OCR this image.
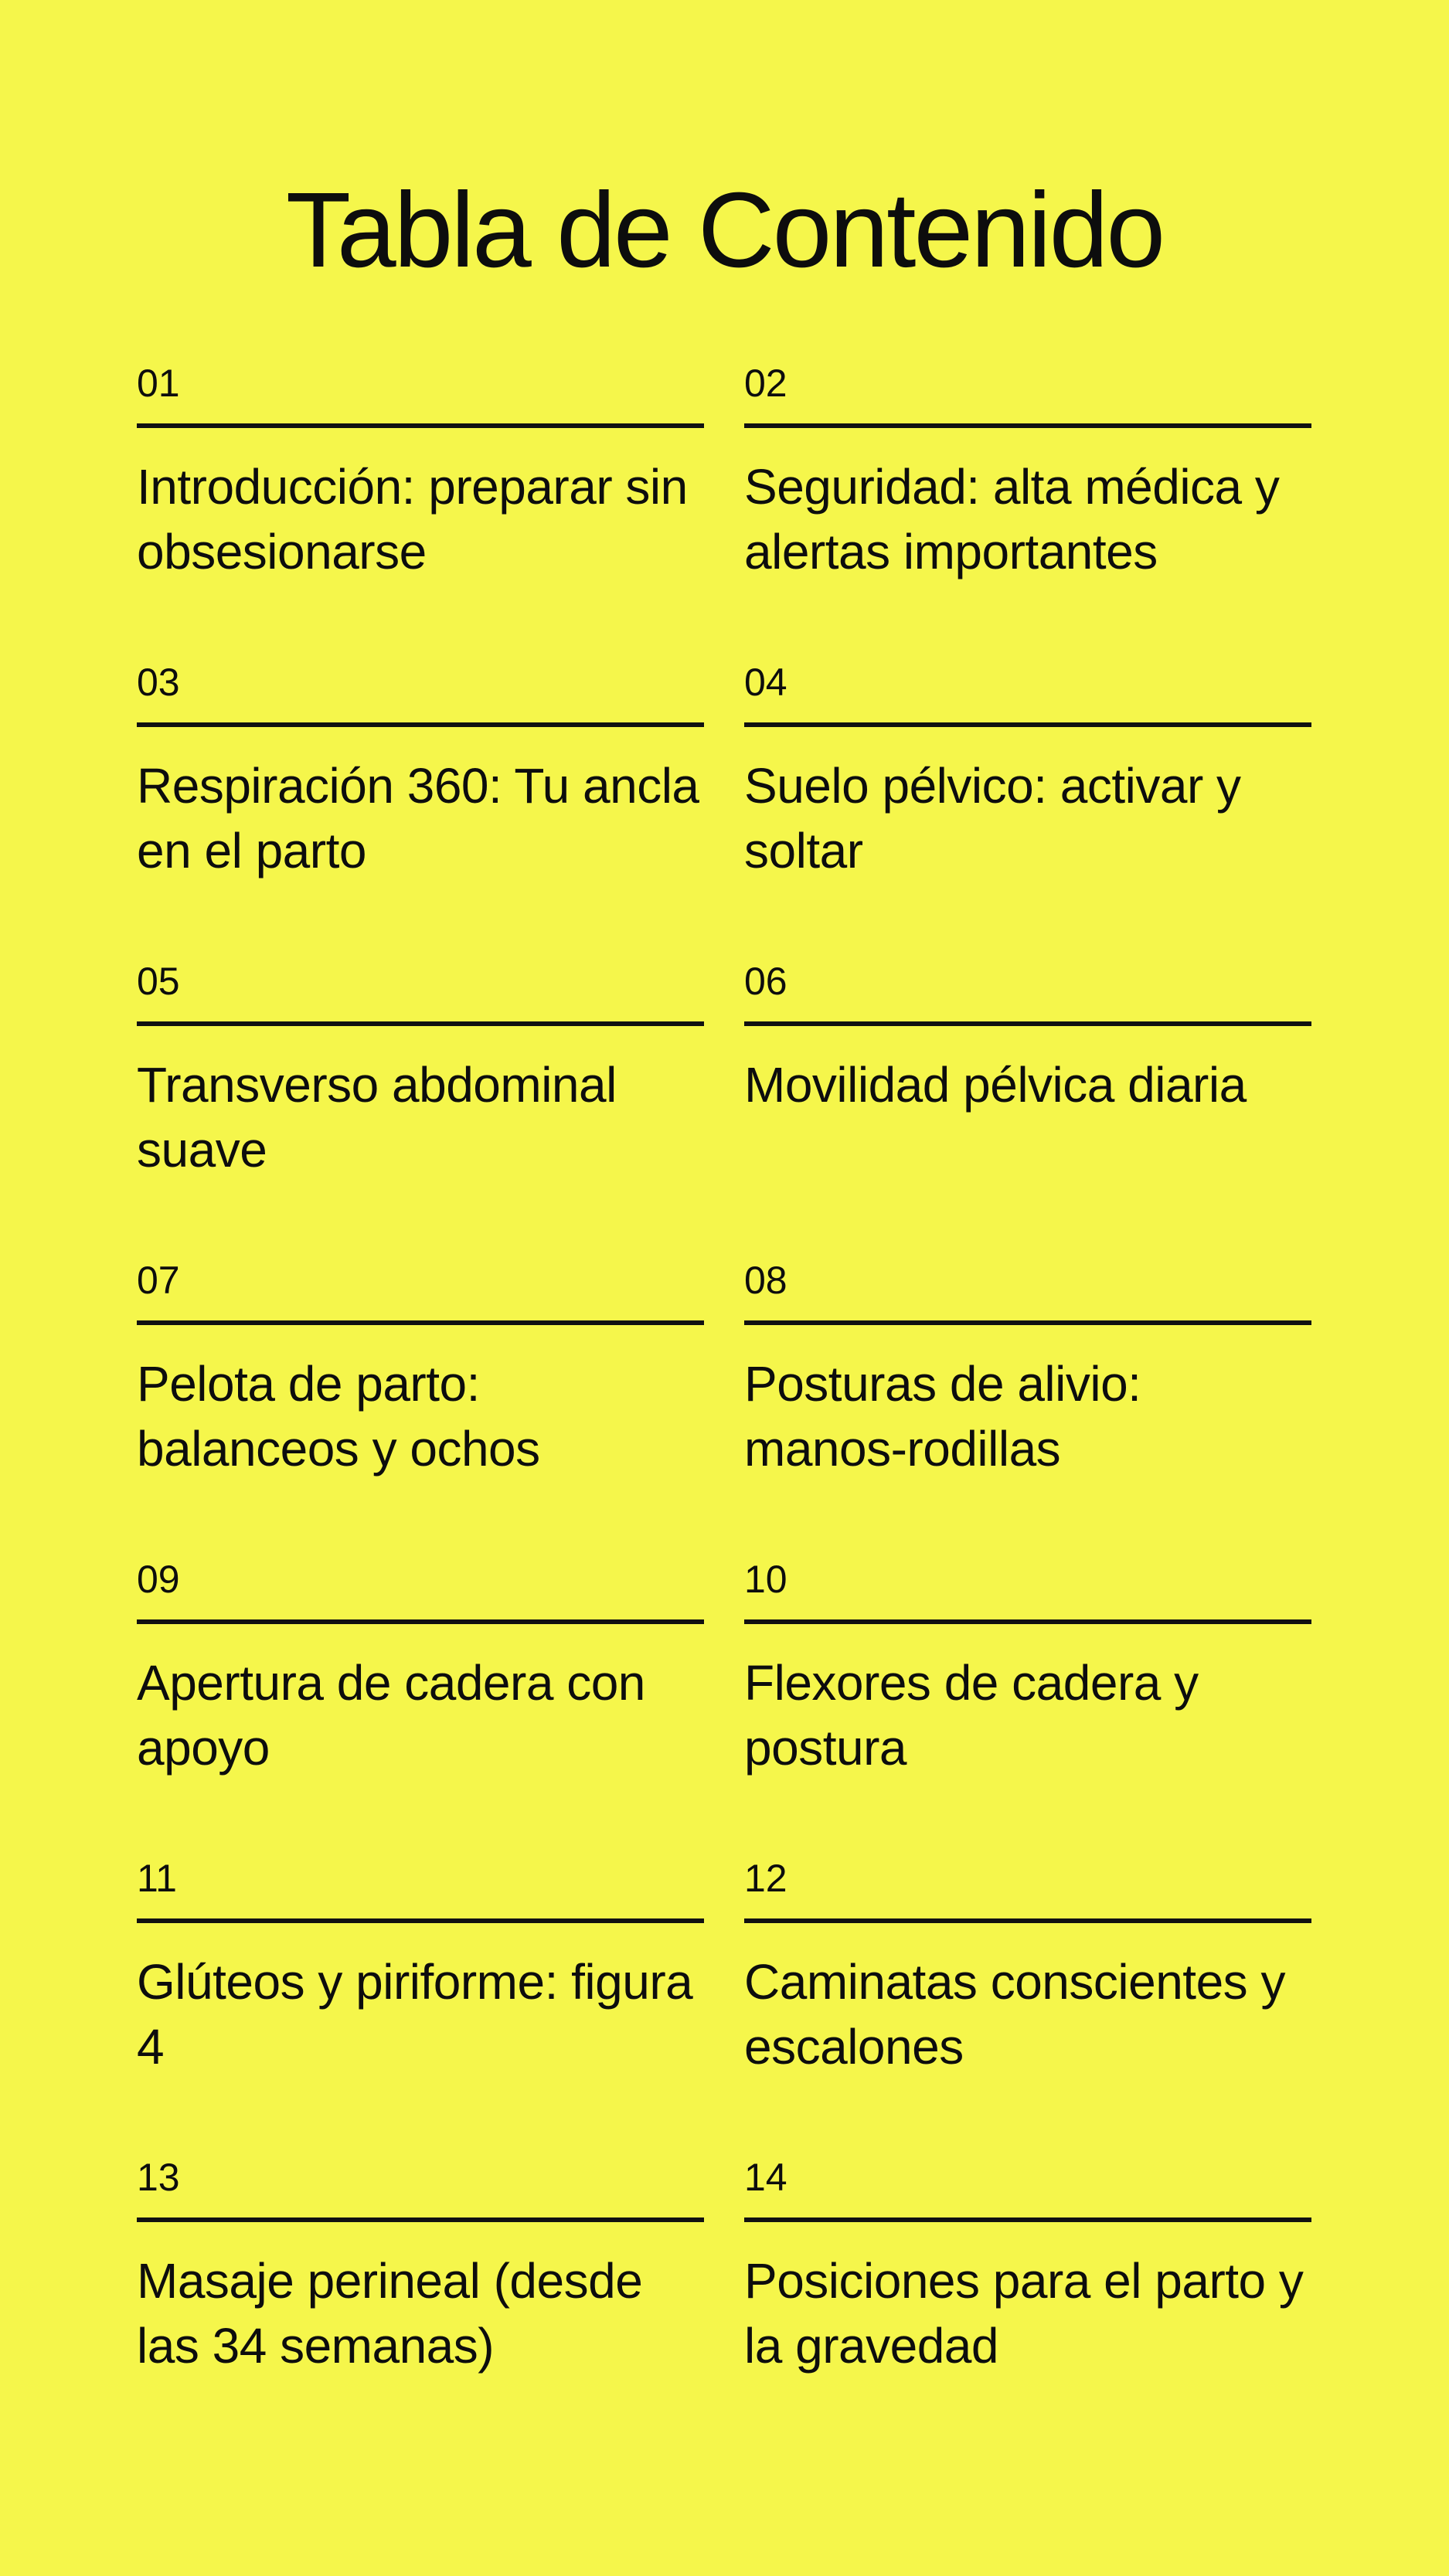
Tabla de Contenido
01
Introducción: preparar sin obsesionarse
02
Seguridad: alta médica y alertas importantes
03
Respiración 360: Tu ancla en el parto
04
Suelo pélvico: activar y soltar
05
Transverso abdominal suave
06
Movilidad pélvica diaria
07
Pelota de parto: balanceos y ochos
08
Posturas de alivio: manos-rodillas
09
Apertura de cadera con apoyo
10
Flexores de cadera y postura
11
Glúteos y piriforme: figura 4
12
Caminatas conscientes y escalones
13
Masaje perineal (desde las 34 semanas)
14
Posiciones para el parto y la gravedad
